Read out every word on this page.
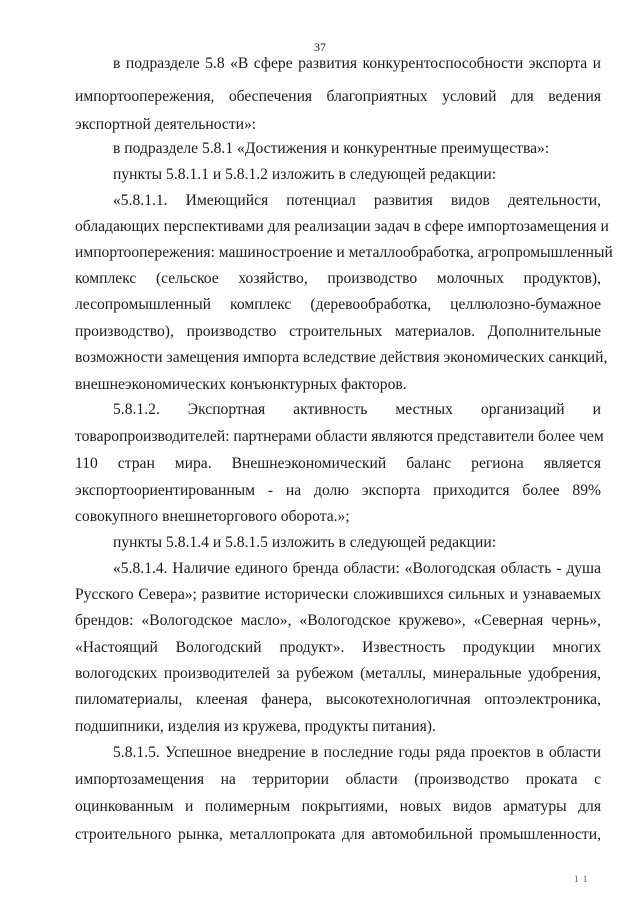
37
в подразделе 5.8 «В сфере развития конкурентоспособности экспорта и
импортоопережения, обеспечения благоприятных условий для ведения
экспортной деятельности»:
в подразделе 5.8.1 «Достижения и конкурентные преимущества»:
пункты 5.8.1.1 и 5.8.1.2 изложить в следующей редакции:
«5.8.1.1. Имеющийся потенциал развития видов деятельности,
обладающих перспективами для реализации задач в сфере импортозамещения и
импортоопережения: машиностроение и металлообработка, агропромышленный
комплекс (сельское хозяйство, производство молочных продуктов),
лесопромышленный комплекс (деревообработка, целлюлозно-бумажное
производство), производство строительных материалов. Дополнительные
возможности замещения импорта вследствие действия экономических санкций,
внешнеэкономических конъюнктурных факторов.
5.8.1.2. Экспортная активность местных организаций и
товаропроизводителей: партнерами области являются представители более чем
110 стран мира. Внешнеэкономический баланс региона является
экспортоориентированным - на долю экспорта приходится более 89%
совокупного внешнеторгового оборота.»;
пункты 5.8.1.4 и 5.8.1.5 изложить в следующей редакции:
«5.8.1.4. Наличие единого бренда области: «Вологодская область - душа
Русского Севера»; развитие исторически сложившихся сильных и узнаваемых
брендов: «Вологодское масло», «Вологодское кружево», «Северная чернь»,
«Настоящий Вологодский продукт». Известность продукции многих
вологодских производителей за рубежом (металлы, минеральные удобрения,
пиломатериалы, клееная фанера, высокотехнологичная оптоэлектроника,
подшипники, изделия из кружева, продукты питания).
5.8.1.5. Успешное внедрение в последние годы ряда проектов в области
импортозамещения на территории области (производство проката с
оцинкованным и полимерным покрытиями, новых видов арматуры для
строительного рынка, металлопроката для автомобильной промышленности,
1 1
